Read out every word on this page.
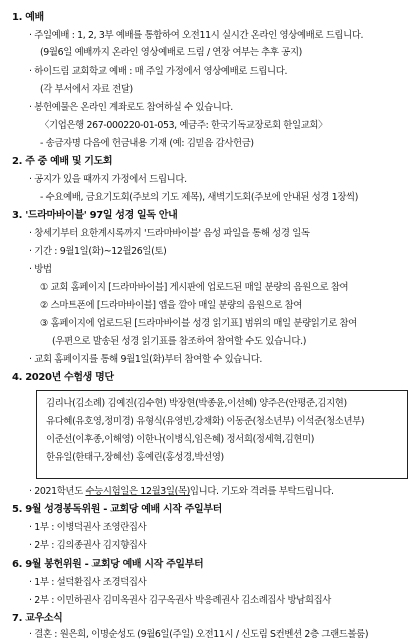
1. 예배
· 주일예배 : 1, 2, 3부 예배를 통합하여 오전11시 실시간 온라인 영상예배로 드립니다.
(9월6일 예배까지 온라인 영상예배로 드림 / 연장 여부는 추후 공지)
· 하이드림 교회학교 예배 : 매 주일 가정에서 영상예배로 드립니다.
(각 부서에서 자료 전달)
· 봉헌예물은 온라인 계좌로도 참여하실 수 있습니다.
〈기업은행 267-000220-01-053, 예금주: 한국기독교장로회 한일교회〉
- 송금자명 다음에 헌금내용 기재 (예: 김믿음 감사헌금)
2. 주 중 예배 및 기도회
· 공지가 있을 때까지 가정에서 드립니다.
- 수요예배, 금요기도회(주보의 기도 제목), 새벽기도회(주보에 안내된 성경 1장씩)
3. '드라마바이블' 97일 성경 일독 안내
· 창세기부터 요한계시록까지 '드라마바이블' 음성 파일을 통해 성경 일독
· 기간 : 9월1일(화)~12월26일(토)
· 방법
① 교회 홈페이지 [드라마바이블] 게시판에 업로드된 매일 분량의 음원으로 참여
② 스마트폰에 [드라마바이블] 앱을 깔아 매일 분량의 음원으로 참여
③ 홈페이지에 업로드된 [드라마바이블 성경 읽기표] 범위의 매일 분량읽기로 참여
(우편으로 발송된 성경 읽기표를 참조하여 참여할 수도 있습니다.)
· 교회 홈페이지를 통해 9월1일(화)부터 참여할 수 있습니다.
4. 2020년 수험생 명단
김리나(김소례) 김예진(김수현) 박장현(박종윤,이선혜) 양주은(안평준,김지현)
유다혜(유호영,정미경) 유형식(유영빈,강채화) 이동준(청소년부) 이석준(청소년부)
이준선(이후종,이해영) 이한나(이병식,임은혜) 정서희(정세혁,김현미)
한유일(한태구,장혜선) 홍예린(홍성경,박선영)
· 2021학년도 수능시험일은 12월3일(목)입니다. 기도와 격려를 부탁드립니다.
5. 9월 성경봉독위원 - 교회당 예배 시작 주일부터
· 1부 : 이병덕권사 조영란집사
· 2부 : 김의종권사 김지향집사
6. 9월 봉헌위원 - 교회당 예배 시작 주일부터
· 1부 : 설덕환집사 조경덕집사
· 2부 : 이민하권사 김미옥권사 김구옥권사 박응례권사 김소례집사 방남희집사
7. 교우소식
· 결혼 : 원은희, 이명순성도 (9월6일(주일) 오전11시 / 신도림 S컨벤션 2층 그랜드볼룸)
